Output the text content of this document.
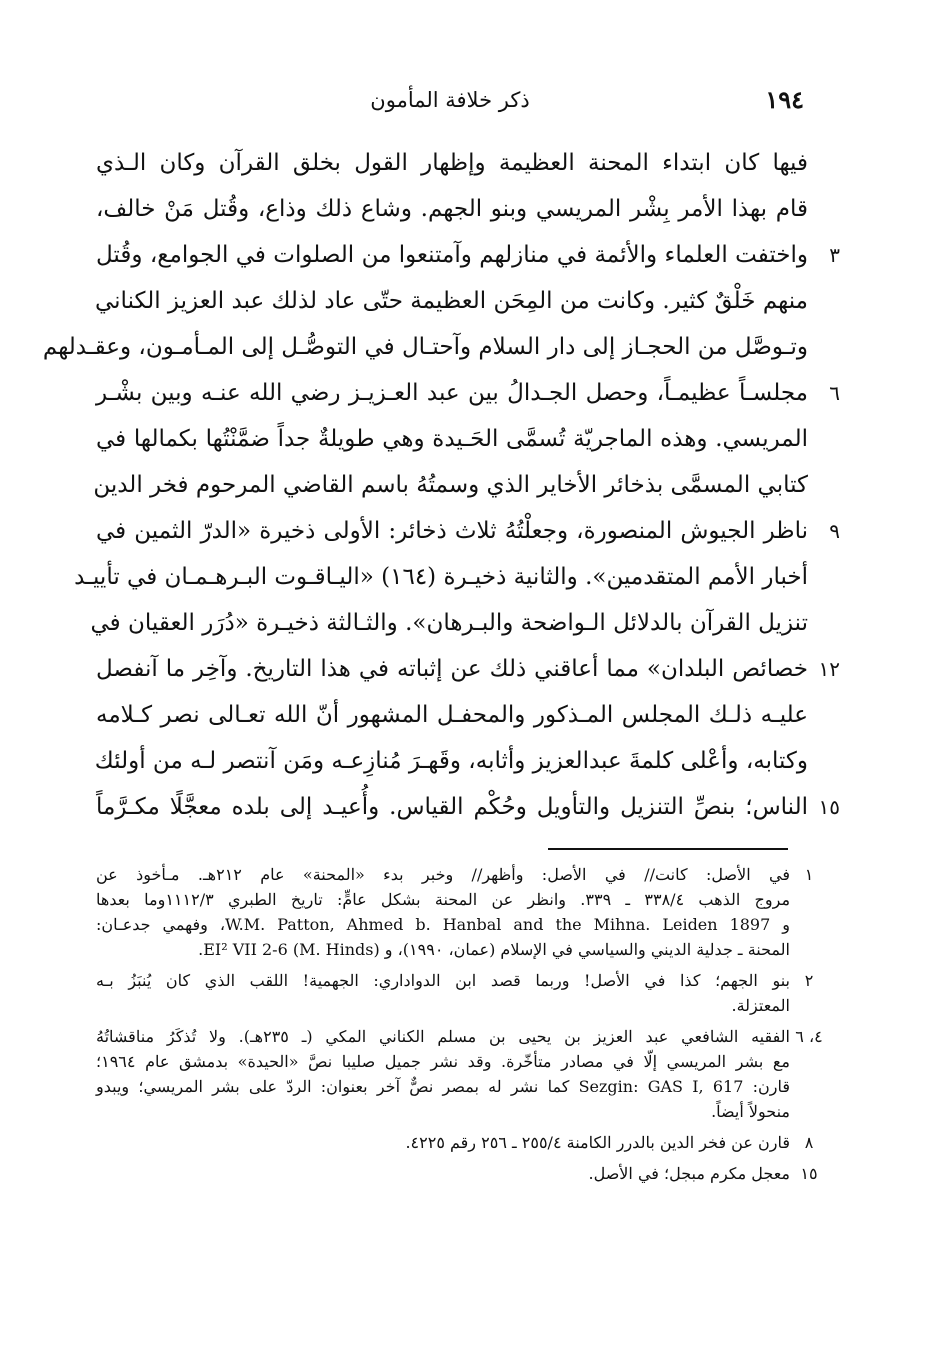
١٩٤
ذكر خلافة المأمون
فيها كان ابتداء المحنة العظيمة وإظهار القول بخلق القرآن وكان الـذي
قام بهذا الأمر بِشْر المريسي وبنو الجهم. وشاع ذلك وذاع، وقُتل مَنْ خالف،
واختفت العلماء والأئمة في منازلهم وآمتنعوا من الصلوات في الجوامع، وقُتل	٣
منهم خَلْقٌ كثير. وكانت من المِحَن العظيمة حتّى عاد لذلك عبد العزيز الكناني
وتـوصَّل من الحجـاز إلى دار السلام وآحتـال في التوصُّـل إلى المـأمـون، وعقـدلهم
مجلسـاً عظيمـاً، وحصل الجـدالُ بين عبد العـزيـز رضي الله عنـه وبين بشْـر	٦
المريسي. وهذه الماجريّة تُسمَّى الحَـيدة وهي طويلةٌ جداً ضمَّنْتُها بكمالها في
كتابي المسمَّى بذخائر الأخاير الذي وسمتُهُ باسم القاضي المرحوم فخر الدين
ناظر الجيوش المنصورة، وجعلْتُهُ ثلاث ذخائر: الأولى ذخيرة «الدرّ الثمين في	٩
أخبار الأمم المتقدمين». والثانية ذخيـرة (١٦٤) «اليـاقـوت البـرهـمـان في تأييـد
تنزيل القرآن بالدلائل الـواضحة والبـرهان». والثـالثة ذخيـرة «دُرَر العقيان في
خصائص البلدان» مما أعاقني ذلك عن إثباته في هذا التاريخ. وآخِر ما آنفصل ١٢
عليـه ذلـك المجلس المـذكور والمحفـل المشهور أنّ الله تعـالى نصر كـلامه
وكتابه، وأعْلى كلمةَ عبدالعزيز وأثابه، وقَهـرَ مُنازِعـه ومَن آنتصر لـه من أولئك
الناس؛ بنصِّ التنزيل والتأويل وحُكْم القياس. وأُعيـد إلى بلده معجَّلًا مكـرَّماً ١٥
١
في الأصل: كانت// في الأصل: وأظهر// وخبر بدء «المحنة» عام ٢١٢هـ. مـأخوذ عن
مروج الذهب ٣٣٨/٤ ـ ٣٣٩. وانظر عن المحنة بشكل عامٍّ: تاريخ الطبري ١١١٢/٣وما بعدها
و W.M. Patton, Ahmed b. Hanbal and the Mihna. Leiden 1897، وفهمي جدعـان:
المحنة ـ جدلية الديني والسياسي في الإسلام (عمان، ١٩٩٠)، و EI² VII 2-6 (M. Hinds).
٢
بنو الجهم؛ كذا في الأصل! وربما قصد ابن الدواداري: الجهمية! اللقب الذي كان يُنبَزُ بـه
المعتزلة.
٤، ٦
الفقيه الشافعي عبد العزيز بن يحيى بن مسلم الكناني المكي (ـ ٢٣٥هـ). ولا تُذكَرُ مناقشاتُهُ
مع بشر المريسي إلّا في مصادر متأخّرة. وقد نشر جميل صليبا نصَّ «الحيدة» بدمشق عام ١٩٦٤؛
قارن: Sezgin: GAS I, 617 كما نشر له بمصر نصٌّ آخر بعنوان: الردّ على بشر المريسي؛ ويبدو
منحولاً أيضاً.
٨
قارن عن فخر الدين بالدرر الكامنة ٢٥٥/٤ ـ ٢٥٦ رقم ٤٢٢٥.
١٥
معجل مكرم مبجل؛ في الأصل.
